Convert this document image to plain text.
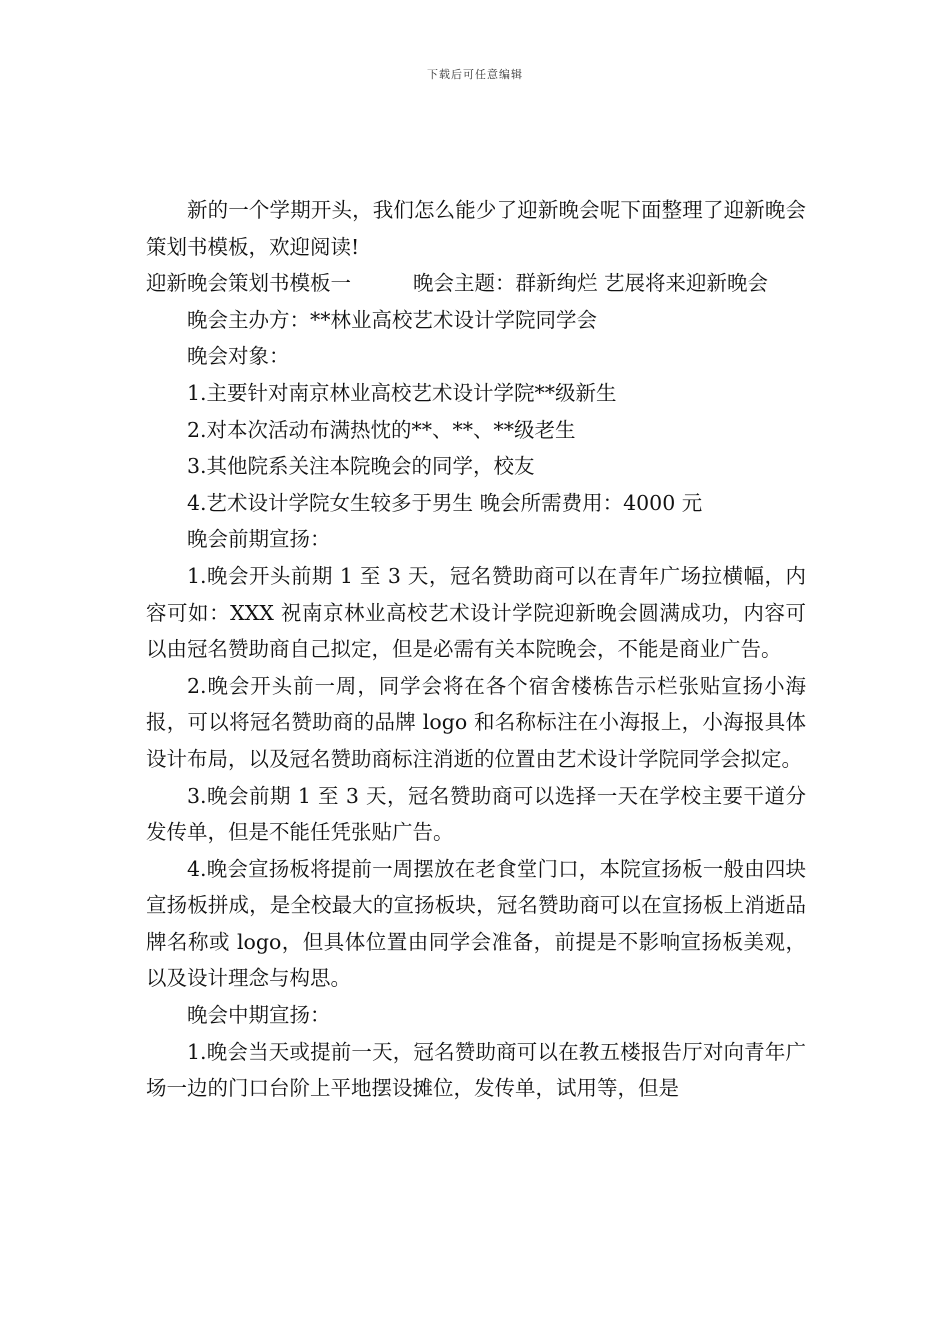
下载后可任意编辑

新的一个学期开头，我们怎么能少了迎新晚会呢下面整理了迎新晚会策划书模板，欢迎阅读!

迎新晚会策划书模板一	晚会主题：群新绚烂 艺展将来迎新晚会

晚会主办方：**林业高校艺术设计学院同学会

晚会对象：

1.主要针对南京林业高校艺术设计学院**级新生

2.对本次活动布满热忱的**、**、**级老生

3.其他院系关注本院晚会的同学，校友

4.艺术设计学院女生较多于男生 晚会所需费用：4000 元

晚会前期宣扬：

1.晚会开头前期 1 至 3 天，冠名赞助商可以在青年广场拉横幅，内容可如：XXX 祝南京林业高校艺术设计学院迎新晚会圆满成功，内容可以由冠名赞助商自己拟定，但是必需有关本院晚会，不能是商业广告。

2.晚会开头前一周，同学会将在各个宿舍楼栋告示栏张贴宣扬小海报，可以将冠名赞助商的品牌 logo 和名称标注在小海报上，小海报具体设计布局，以及冠名赞助商标注消逝的位置由艺术设计学院同学会拟定。

3.晚会前期 1 至 3 天，冠名赞助商可以选择一天在学校主要干道分发传单，但是不能任凭张贴广告。

4.晚会宣扬板将提前一周摆放在老食堂门口，本院宣扬板一般由四块宣扬板拼成，是全校最大的宣扬板块，冠名赞助商可以在宣扬板上消逝品牌名称或 logo，但具体位置由同学会准备，前提是不影响宣扬板美观，以及设计理念与构思。

晚会中期宣扬：

1.晚会当天或提前一天，冠名赞助商可以在教五楼报告厅对向青年广场一边的门口台阶上平地摆设摊位，发传单，试用等，但是
